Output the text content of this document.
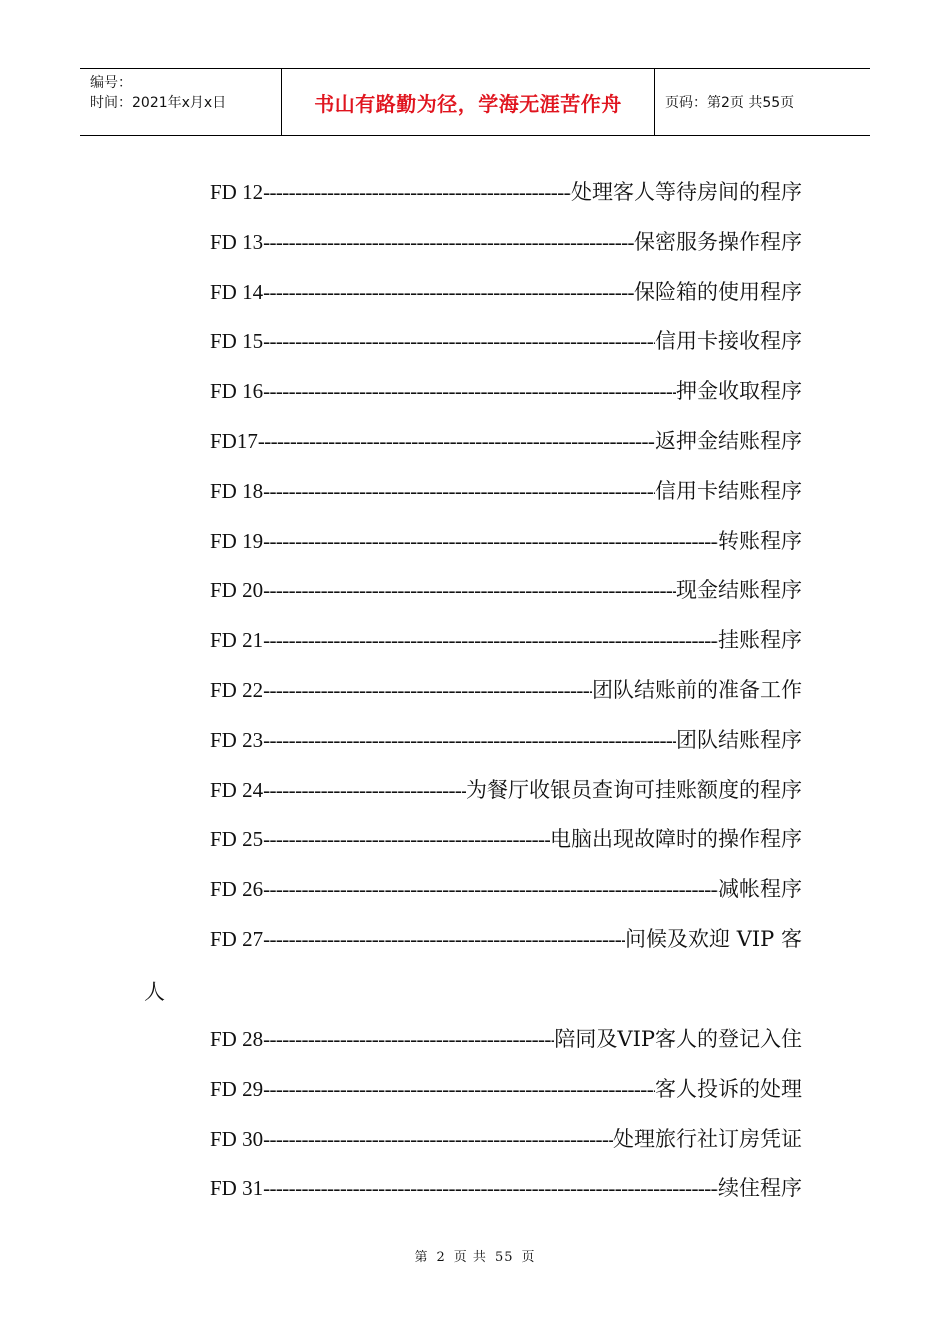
编号：
时间：2021年x月x日	书山有路勤为径，学海无涯苦作舟	页码：第2页 共55页
FD 12 -----	处理客人等待房间的程序
FD 13 -----	保密服务操作程序
FD 14 -----	保险箱的使用程序
FD 15 -----	信用卡接收程序
FD 16 -----	押金收取程序
FD17 -----	返押金结账程序
FD 18 -----	信用卡结账程序
FD 19 -----	转账程序
FD 20 -----	现金结账程序
FD 21 -----	挂账程序
FD 22 -----	团队结账前的准备工作
FD 23 -----	团队结账程序
FD 24 -----	为餐厅收银员查询可挂账额度的程序
FD 25 -----	电脑出现故障时的操作程序
FD 26 -----	减帐程序
FD 27 -----	问候及欢迎 VIP 客
人
FD 28 -----	陪同及VIP客人的登记入住
FD 29 -----	客人投诉的处理
FD 30 -----	处理旅行社订房凭证
FD 31 -----	续住程序
第 2 页 共 55 页
